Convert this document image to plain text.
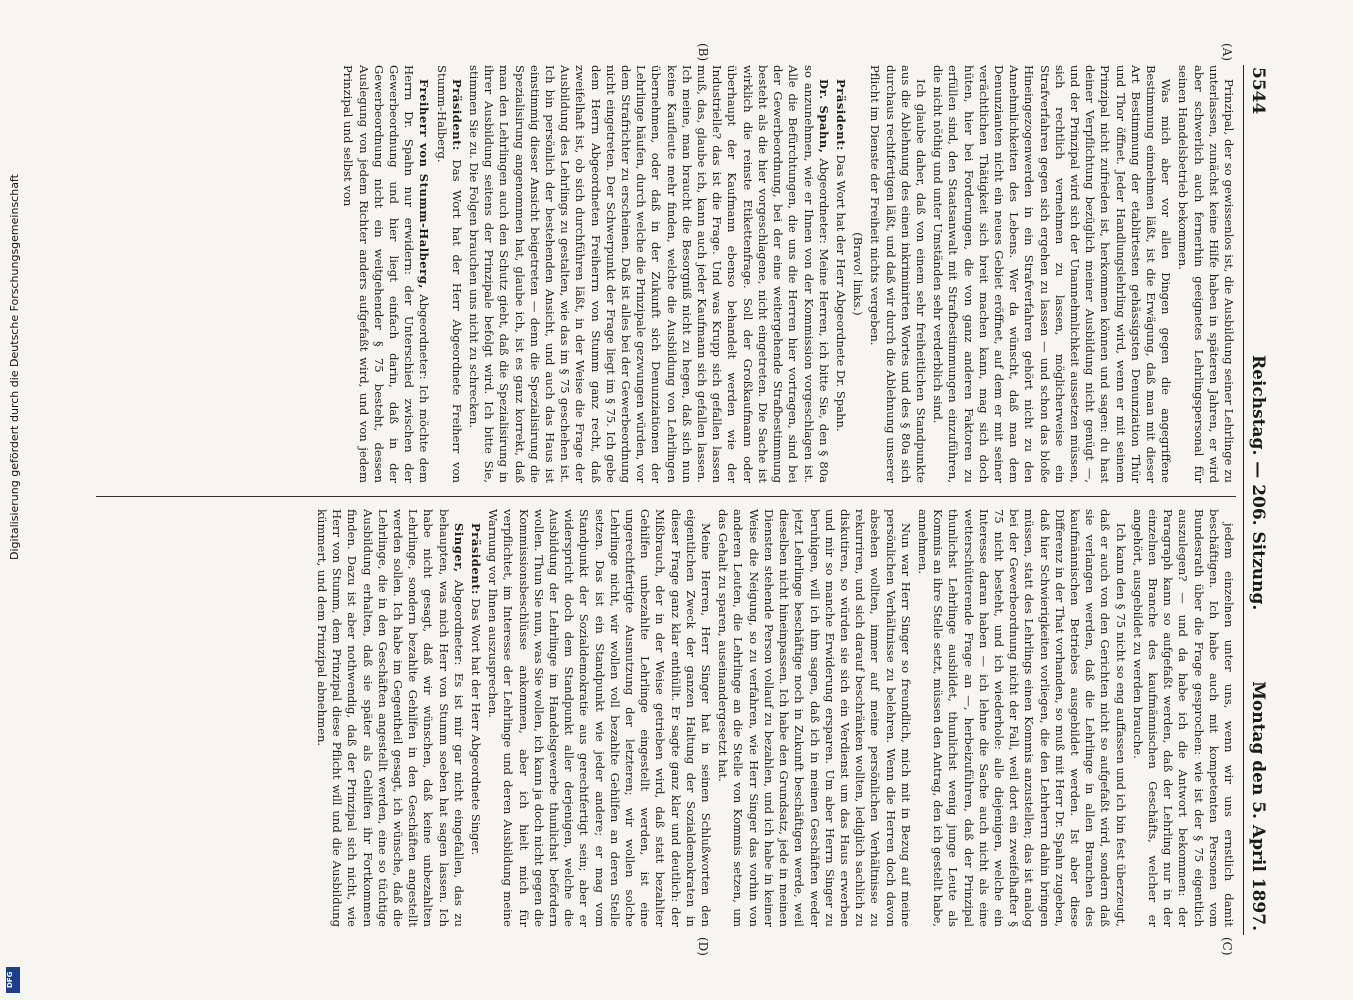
5544
Reichstag. — 206. Sitzung.
Montag den 5. April 1897.

Prinzipal, der so gewissenlos ist, die Ausbildung seiner Lehrlinge zu unterlassen, zunächst keine Hilfe haben in späteren Jahren, er wird aber schwerlich auch fernerhin geeignetes Lehrlingspersonal für seinen Handelsbetrieb bekommen.

Was mich aber vor allen Dingen gegen die angegriffene Bestimmung einnehmen läßt, ist die Erwägung, daß man mit dieser Art Bestimmung der etablirtesten gehässigsten Denunziation Thür und Thor öffnet. Jeder Handlungslehrling wird, wenn er mit seinem Prinzipal nicht zufrieden ist, herkommen können und sagen: du hast deiner Verpflichtung bezüglich meiner Ausbildung nicht genügt —, und der Prinzipal wird sich der Unannehmlichkeit aussetzen müssen, sich rechtlich vernehmen zu lassen, möglicherweise ein Strafverfahren gegen sich ergehen zu lassen — und schon das bloße Hineingezogenwerden in ein Strafverfahren gehört nicht zu den Annehmlichkeiten des Lebens. Wer da wünscht, daß man dem Denunzianten nicht ein neues Gebiet eröffnet, auf dem er mit seiner verächtlichen Thätigkeit sich breit machen kann, mag sich doch hüten, hier bei Forderungen, die von ganz anderen Faktoren zu erfüllen sind, den Staatsanwalt mit Strafbestimmungen einzuführen, die nicht nöthig und unter Umständen sehr verderblich sind.

Ich glaube daher, daß von einem sehr freiheitlichen Standpunkte aus die Ablehnung des einen inkriminirten Wortes und des § 80a sich durchaus rechtfertigen läßt, und daß wir durch die Ablehnung unserer Pflicht im Dienste der Freiheit nichts vergeben.

(Bravo! links.)

Präsident: Das Wort hat der Herr Abgeordnete Dr. Spahn.

Dr. Spahn, Abgeordneter: Meine Herren, ich bitte Sie, den § 80a so anzunehmen, wie er Ihnen von der Kommission vorgeschlagen ist. Alle die Befürchtungen, die uns die Herren hier vortragen, sind bei der Gewerbeordnung, bei der eine weitergehende Strafbestimmung besteht als die hier vorgeschlagene, nicht eingetreten. Die Sache ist wirklich die reinste Etikettenfrage. Soll der Großkaufmann oder überhaupt der Kaufmann ebenso behandelt werden wie der Industrielle? das ist die Frage. Und was Krupp sich gefallen lassen muß, das, glaube ich, kann auch jeder Kaufmann sich gefallen lassen. Ich meine, man braucht die Besorgniß nicht zu hegen, daß sich nun keine Kaufleute mehr finden, welche die Ausbildung von Lehrlingen übernehmen, oder daß in der Zukunft sich Denunziationen der Lehrlinge häufen, durch welche die Prinzipale gezwungen würden, vor dem Strafrichter zu erscheinen. Daß ist alles bei der Gewerbeordnung nicht eingetreten. Der Schwerpunkt der Frage liegt im § 75. Ich gebe dem Herrn Abgeordneten Freiherrn von Stumm ganz recht, daß zweifelhaft ist, ob sich durchführen läßt, in der Weise die Frage der Ausbildung des Lehrlings zu gestalten, wie das im § 75 geschehen ist. Ich bin persönlich der bestehenden Ansicht, und auch das Haus ist einstimmig dieser Ansicht beigetreten — denn die Spezialisirung die Spezialisirung angenommen hat, glaube ich, ist es ganz korrekt, daß man den Lehrlingen auch den Schutz giebt, daß die Spezialisirung in ihrer Ausbildung seitens der Prinzipale befolgt wird. Ich bitte Sie, stimmen Sie zu. Die Folgen brauchen uns nicht zu schrecken.

Präsident: Das Wort hat der Herr Abgeordnete Freiherr von Stumm-Halberg.

Freiherr von Stumm-Halberg, Abgeordneter: Ich möchte dem Herrn Dr. Spahn nur erwidern: der Unterschied zwischen der Gewerbeordnung und hier liegt einfach darin, daß in der Gewerbeordnung nicht ein weitgehender § 75 besteht, dessen Auslegung von jedem Richter anders aufgefaßt wird, und von jedem Prinzipal und selbst von

jedem einzelnen unter uns, wenn wir uns ernstlich damit beschäftigen. Ich habe auch mit kompetenten Personen vom Bundesrath über die Frage gesprochen: wie ist der § 75 eigentlich auszulegen? — und da habe ich die Antwort bekommen: der Paragraph kann so aufgefaßt werden, daß der Lehrling nur in der einzelnen Branche des kaufmännischen Geschäfts, welcher er angehört, ausgebildet zu werden brauche.

Ich kann den § 75 nicht so eng auffassen und ich bin fest überzeugt, daß er auch von den Gerichten nicht so aufgefaßt wird, sondern daß sie verlangen werden, daß die Lehrlinge in allen Branchen des kaufmännischen Betriebes ausgebildet werden. Ist aber diese Differenz in der That vorhanden, so muß mit Herr Dr. Spahn zugeben, daß hier Schwierigkeiten vorliegen, die den Lehrherrn dahin bringen müssen, statt des Lehrlings einen Kommis anzustellen; das ist analog bei der Gewerbeordnung nicht der Fall, weil dort ein zweifelhafter § 75 nicht besteht, und ich wiederhole: alle diejenigen, welche ein Interesse daran haben — ich lehne die Sache auch nicht als eine wetterschütterende Frage an —, herbeizuführen, daß der Prinzipal thunlichst Lehrlinge ausbildet, thunlichst wenig junge Leute als Kommis an ihre Stelle setzt, müssen den Antrag, den ich gestellt habe, annehmen.

Nun war Herr Singer so freundlich, mich mit in Bezug auf meine persönlichen Verhältnisse zu belehren. Wenn die Herren doch davon absehen wollten, immer auf meine persönlichen Verhältnisse zu rekurriren, und sich darauf beschränken wollten, lediglich sachlich zu diskutiren, so würden sie sich ein Verdienst um das Haus erwerben und mir so manche Erwiderung ersparen. Um aber Herrn Singer zu beruhigen, will ich ihm sagen, daß ich in meinen Geschäften weder jetzt Lehrlinge beschäftige noch in Zukunft beschäftigen werde, weil dieselben nicht hineinpassen. Ich habe den Grundsatz, jede in meinen Diensten stehende Person vollauf zu bezahlen, und ich habe in keiner Weise die Neigung, so zu verfahren, wie Herr Singer das vorhin von anderen Leuten, die Lehrlinge an die Stelle von Kommis setzen, um das Gehalt zu sparen, auseinandergesetzt hat.

Meine Herren, Herr Singer hat in seinen Schlußworten den eigentlichen Zweck der ganzen Haltung der Sozialdemokraten in dieser Frage ganz klar enthüllt. Er sagte ganz klar und deutlich: der Mißbrauch, der in der Weise getrieben wird, daß statt bezahlter Gehilfen unbezahlte Lehrlinge eingestellt werden, ist eine ungerechtfertigte Ausnutzung der letzteren; wir wollen solche Lehrlinge nicht, wir wollen voll bezahlte Gehilfen an deren Stelle setzen. Das ist ein Standpunkt wie jeder andere; er mag vom Standpunkt der Sozialdemokratie aus gerechtfertigt sein; aber er widerspricht doch dem Standpunkt aller derjenigen, welche die Ausbildung der Lehrlinge im Handelsgewerbe thunlichst befördern wollen. Thun Sie nun, was Sie wollen, ich kann ja doch nicht gegen die Kommissionsbeschlüsse ankommen, aber ich hielt mich für verpflichtet, im Interesse der Lehrlinge und deren Ausbildung meine Warnung vor Ihnen auszusprechen.

Präsident: Das Wort hat der Herr Abgeordnete Singer.

Singer, Abgeordneter: Es ist mir gar nicht eingefallen, das zu behaupten, was mich Herr von Stumm soeben hat sagen lassen. Ich habe nicht gesagt, daß wir wünschen, daß keine unbezahlten Lehrlinge, sondern bezahlte Gehilfen in den Geschäften angestellt werden sollen. Ich habe im Gegentheil gesagt, ich wünsche, daß die Lehrlinge, die in den Geschäften angestellt werden, eine so tüchtige Ausbildung erhalten, daß sie später als Gehilfen ihr Fortkommen finden. Dazu ist aber nothwendig, daß der Prinzipal sich nicht, wie Herr von Stumm, dem Prinzipal diese Pflicht will und die Ausbildung kümmert, und dem Prinzipal abnehmen.

(A)
(B)
(C)
(D)
Digitalisierung gefördert durch die Deutsche Forschungsgemeinschaft
DFG
